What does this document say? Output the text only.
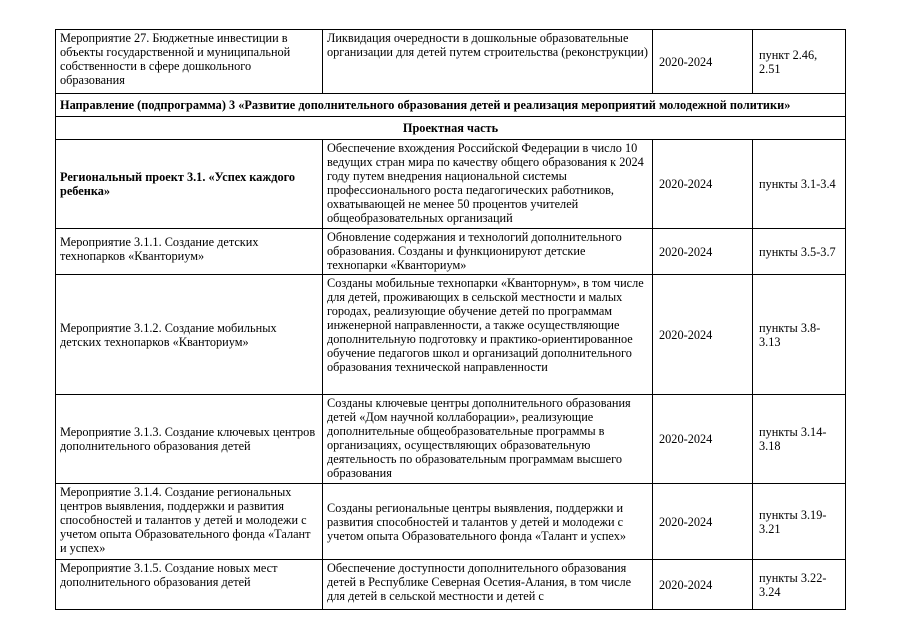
Мероприятие 27. Бюджетные инвестиции в объекты государственной и муниципальной собственности в сфере дошкольного образования	Ликвидация очередности в дошкольные образовательные организации для детей путем строительства (реконструкции)	2020-2024	пункт 2.46, 2.51
Направление (подпрограмма) 3 «Развитие дополнительного образования детей и реализация мероприятий молодежной политики»			
Проектная часть			
Региональный проект 3.1. «Успех каждого ребенка»	Обеспечение вхождения Российской Федерации в число 10 ведущих стран мира по качеству общего образования к 2024 году путем внедрения национальной системы профессионального роста педагогических работников, охватывающей не менее 50 процентов учителей общеобразовательных организаций	2020-2024	пункты 3.1-3.4
Мероприятие 3.1.1. Создание детских технопарков «Кванториум»	Обновление содержания и технологий дополнительного образования. Созданы и функционируют детские технопарки «Кванториум»	2020-2024	пункты 3.5-3.7
Мероприятие 3.1.2. Создание мобильных детских технопарков «Кванториум»	Созданы мобильные технопарки «Кванторнум», в том числе для детей, проживающих в сельской местности и малых городах, реализующие обучение детей по программам инженерной направленности, а также осуществляющие дополнительную подготовку и практико-ориентированное обучение педагогов школ и организаций дополнительного образования технической направленности	2020-2024	пункты 3.8-3.13
Мероприятие 3.1.3. Создание ключевых центров дополнительного образования детей	Созданы ключевые центры дополнительного образования детей «Дом научной коллаборации», реализующие дополнительные общеобразовательные программы в организациях, осуществляющих образовательную деятельность по образовательным программам высшего образования	2020-2024	пункты 3.14-3.18
Мероприятие 3.1.4. Создание региональных центров выявления, поддержки и развития способностей и талантов у детей и молодежи с учетом опыта Образовательного фонда «Талант и успех»	Созданы региональные центры выявления, поддержки и развития способностей и талантов у детей и молодежи с учетом опыта Образовательного фонда «Талант и успех»	2020-2024	пункты 3.19-3.21
Мероприятие 3.1.5. Создание новых мест дополнительного образования детей	Обеспечение доступности дополнительного образования детей в Республике Северная Осетия-Алания, в том числе для детей в сельской местности и детей с	2020-2024	пункты 3.22-3.24
